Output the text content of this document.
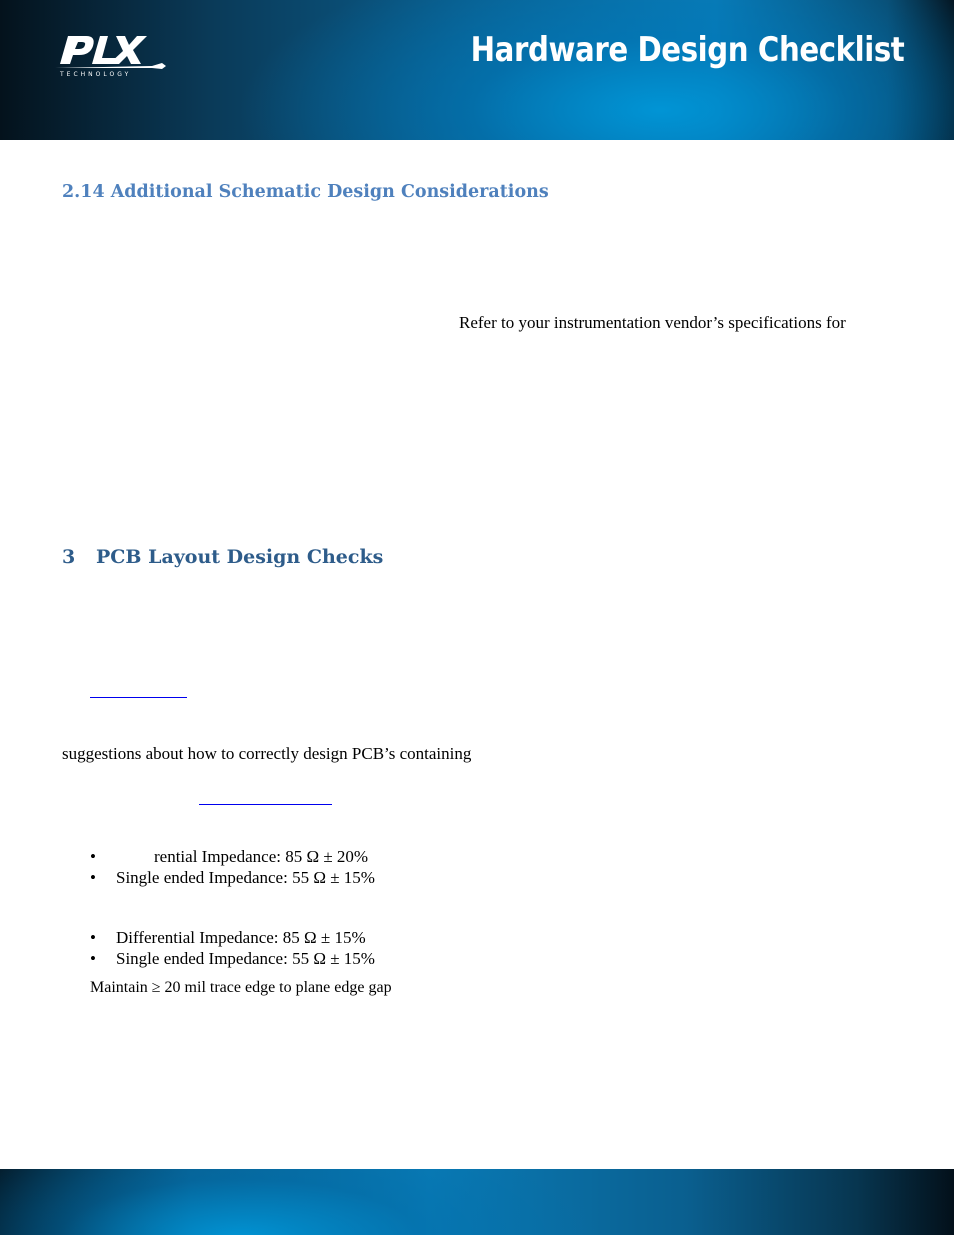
TECHNOLOGY
Hardware Design Checklist
2.14 Additional Schematic Design Considerations
Refer to your instrumentation vendor’s specifications for
3 PCB Layout Design Checks
suggestions about how to correctly design PCB’s containing
•	rential Impedance: 85 Ω ± 20%
• Single ended Impedance: 55 Ω ± 15%
• Differential Impedance: 85 Ω ± 15%
• Single ended Impedance: 55 Ω ± 15%
Maintain ≥ 20 mil trace edge to plane edge gap
